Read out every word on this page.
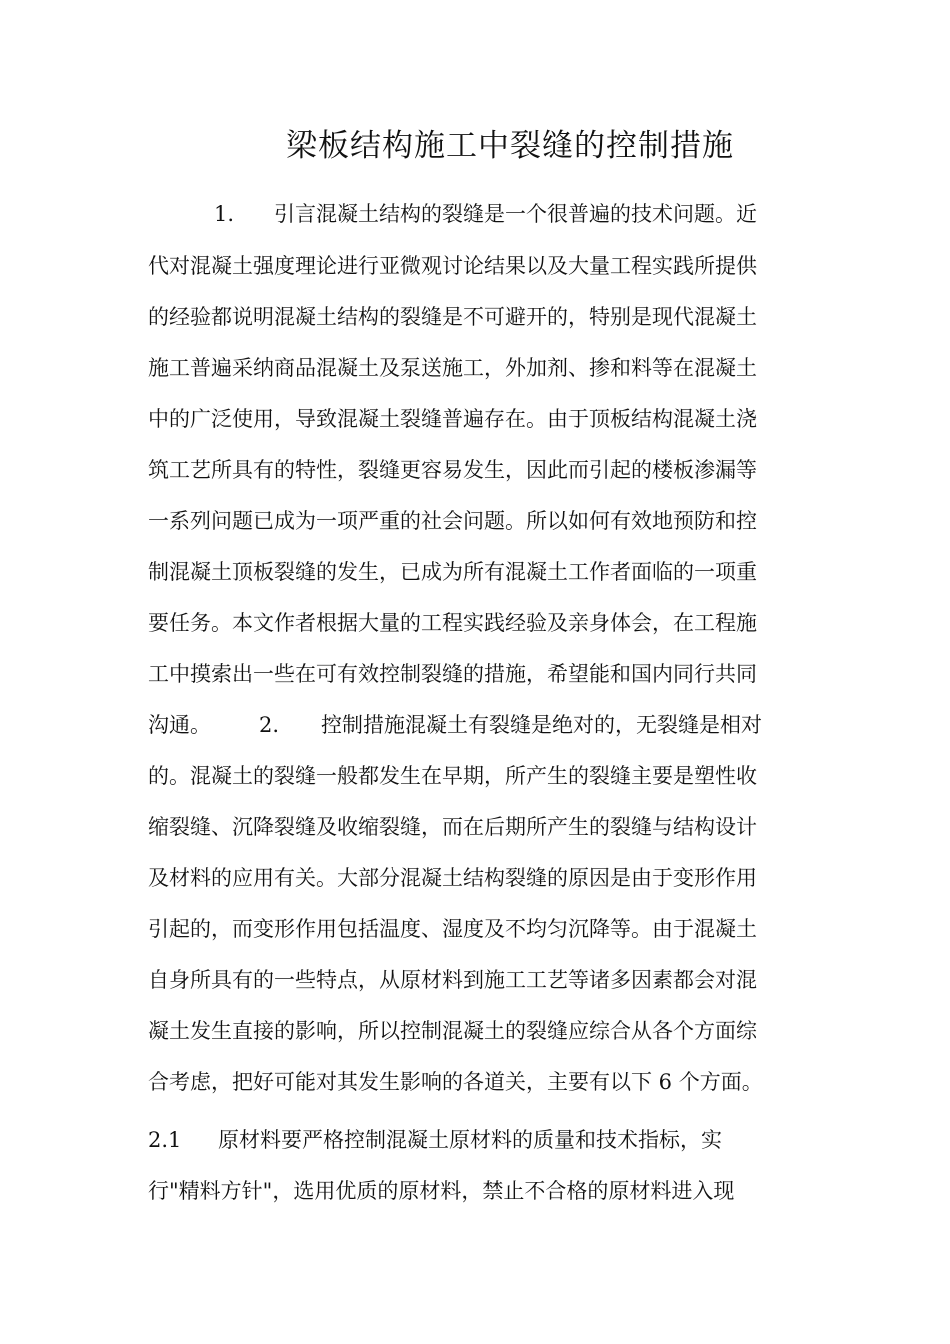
梁板结构施工中裂缝的控制措施
1. 引言混凝土结构的裂缝是一个很普遍的技术问题。近
代对混凝土强度理论进行亚微观讨论结果以及大量工程实践所提供
的经验都说明混凝土结构的裂缝是不可避开的，特别是现代混凝土
施工普遍采纳商品混凝土及泵送施工，外加剂、掺和料等在混凝土
中的广泛使用，导致混凝土裂缝普遍存在。由于顶板结构混凝土浇
筑工艺所具有的特性，裂缝更容易发生，因此而引起的楼板渗漏等
一系列问题已成为一项严重的社会问题。所以如何有效地预防和控
制混凝土顶板裂缝的发生，已成为所有混凝土工作者面临的一项重
要任务。本文作者根据大量的工程实践经验及亲身体会，在工程施
工中摸索出一些在可有效控制裂缝的措施，希望能和国内同行共同
沟通。 2. 控制措施混凝土有裂缝是绝对的，无裂缝是相对
的。混凝土的裂缝一般都发生在早期，所产生的裂缝主要是塑性收
缩裂缝、沉降裂缝及收缩裂缝，而在后期所产生的裂缝与结构设计
及材料的应用有关。大部分混凝土结构裂缝的原因是由于变形作用
引起的，而变形作用包括温度、湿度及不均匀沉降等。由于混凝土
自身所具有的一些特点，从原材料到施工工艺等诸多因素都会对混
凝土发生直接的影响，所以控制混凝土的裂缝应综合从各个方面综
合考虑，把好可能对其发生影响的各道关，主要有以下 6 个方面。
2.1 原材料要严格控制混凝土原材料的质量和技术指标，实
行"精料方针"，选用优质的原材料，禁止不合格的原材料进入现
